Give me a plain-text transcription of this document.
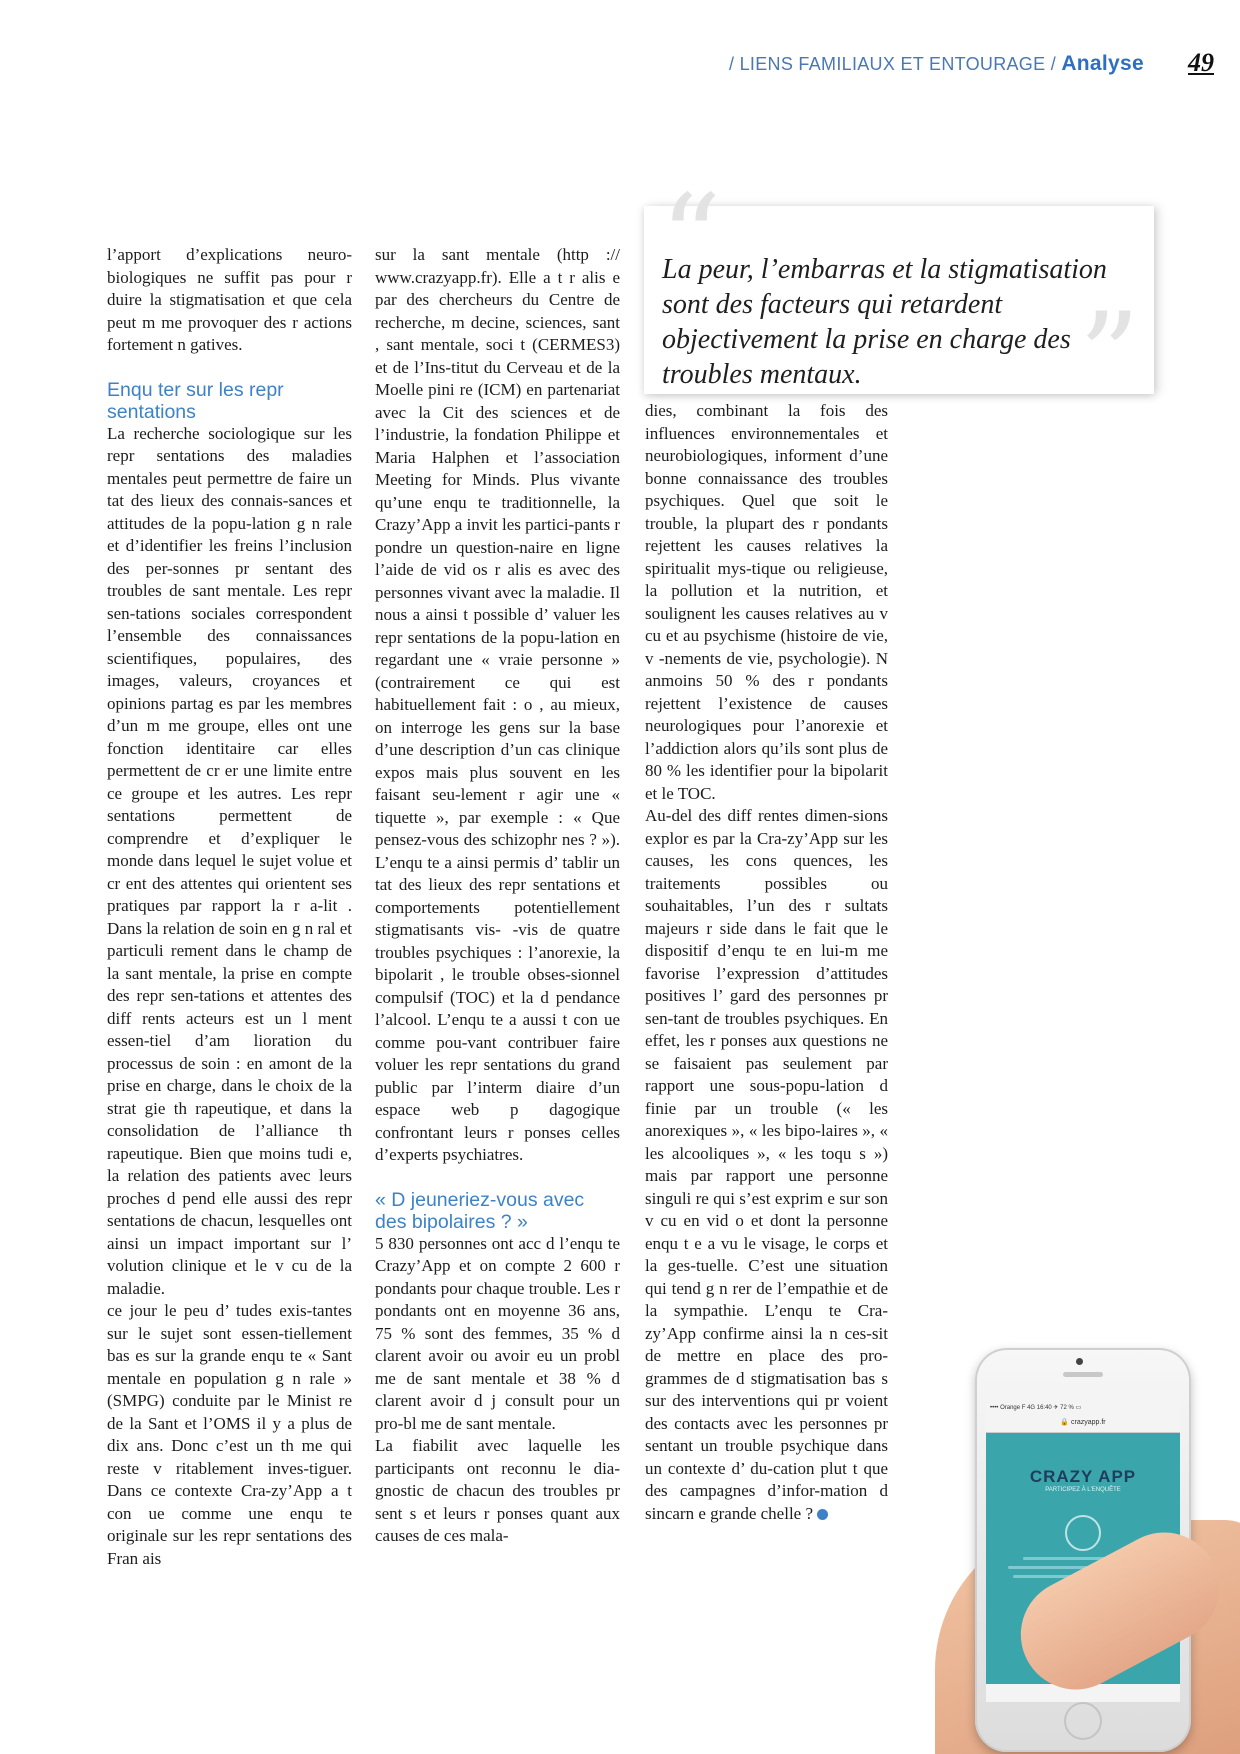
/ LIENS FAMILIAUX ET ENTOURAGE / Analyse 49

l’apport d’explications neuro-biologiques ne suffit pas pour r duire la stigmatisation et que cela peut m me provoquer des r actions fortement n gatives.

Enqu ter sur les repr sentations

La recherche sociologique sur les repr sentations des maladies mentales peut permettre de faire un tat des lieux des connais-sances et attitudes de la popu-lation g n rale et d’identifier les freins l’inclusion des per-sonnes pr sentant des troubles de sant mentale. Les repr sen-tations sociales correspondent l’ensemble des connaissances scientifiques, populaires, des images, valeurs, croyances et opinions partag es par les membres d’un m me groupe, elles ont une fonction identitaire car elles permettent de cr er une limite entre ce groupe et les autres. Les repr sentations permettent de comprendre et d’expliquer le monde dans lequel le sujet volue et cr ent des attentes qui orientent ses pratiques par rapport la r a-lit . Dans la relation de soin en g n ral et particuli rement dans le champ de la sant mentale, la prise en compte des repr sen-tations et attentes des diff rents acteurs est un l ment essen-tiel d’am lioration du processus de soin : en amont de la prise en charge, dans le choix de la strat gie th rapeutique, et dans la consolidation de l’alliance th rapeutique. Bien que moins tudi e, la relation des patients avec leurs proches d pend elle aussi des repr sentations de chacun, lesquelles ont ainsi un impact important sur l’ volution clinique et le v cu de la maladie.

ce jour le peu d’ tudes exis-tantes sur le sujet sont essen-tiellement bas es sur la grande enqu te « Sant mentale en population g n rale » (SMPG) conduite par le Minist re de la Sant et l’OMS il y a plus de dix ans. Donc c’est un th me qui reste v ritablement inves-tiguer. Dans ce contexte Cra-zy’App a t con ue comme une enqu te originale sur les repr sentations des Fran ais

sur la sant mentale (http :// www.crazyapp.fr). Elle a t r alis e par des chercheurs du Centre de recherche, m decine, sciences, sant , sant mentale, soci t (CERMES3) et de l’Ins-titut du Cerveau et de la Moelle pini re (ICM) en partenariat avec la Cit des sciences et de l’industrie, la fondation Philippe et Maria Halphen et l’association Meeting for Minds. Plus vivante qu’une enqu te traditionnelle, la Crazy’App a invit les partici-pants r pondre un question-naire en ligne l’aide de vid os r alis es avec des personnes vivant avec la maladie. Il nous a ainsi t possible d’ valuer les repr sentations de la popu-lation en regardant une « vraie personne » (contrairement ce qui est habituellement fait : o , au mieux, on interroge les gens sur la base d’une description d’un cas clinique expos mais plus souvent en les faisant seu-lement r agir une « tiquette », par exemple : « Que pensez-vous des schizophr nes ? »). L’enqu te a ainsi permis d’ tablir un tat des lieux des repr sentations et comportements potentiellement stigmatisants vis- -vis de quatre troubles psychiques : l’anorexie, la bipolarit , le trouble obses-sionnel compulsif (TOC) et la d pendance l’alcool. L’enqu te a aussi t con ue comme pou-vant contribuer faire voluer les repr sentations du grand public par l’interm diaire d’un espace web p dagogique confrontant leurs r ponses celles d’experts psychiatres.

« D jeuneriez-vous avec des bipolaires ? »

5 830 personnes ont acc d l’enqu te Crazy’App et on compte 2 600 r pondants pour chaque trouble. Les r pondants ont en moyenne 36 ans, 75 % sont des femmes, 35 % d clarent avoir ou avoir eu un probl me de sant mentale et 38 % d clarent avoir d j consult pour un pro-bl me de sant mentale.

La fiabilit avec laquelle les participants ont reconnu le dia-gnostic de chacun des troubles pr sent s et leurs r ponses quant aux causes de ces mala-

“
La peur, l’embarras et la stigmatisation sont des facteurs qui retardent objectivement la prise en charge des troubles mentaux.	”

dies, combinant la fois des influences environnementales et neurobiologiques, informent d’une bonne connaissance des troubles psychiques. Quel que soit le trouble, la plupart des r pondants rejettent les causes relatives la spiritualit mys-tique ou religieuse, la pollution et la nutrition, et soulignent les causes relatives au v cu et au psychisme (histoire de vie, v -nements de vie, psychologie). N anmoins 50 % des r pondants rejettent l’existence de causes neurologiques pour l’anorexie et l’addiction alors qu’ils sont plus de 80 % les identifier pour la bipolarit et le TOC.

Au-del des diff rentes dimen-sions explor es par la Cra-zy’App sur les causes, les cons quences, les traitements possibles ou souhaitables, l’un des r sultats majeurs r side dans le fait que le dispositif d’enqu te en lui-m me favorise l’expression d’attitudes positives l’ gard des personnes pr sen-tant de troubles psychiques. En effet, les r ponses aux questions ne se faisaient pas seulement par rapport une sous-popu-lation d finie par un trouble (« les anorexiques », « les bipo-laires », « les alcooliques », « les toqu s ») mais par rapport une personne singuli re qui s’est exprim e sur son v cu en vid o et dont la personne enqu t e a vu le visage, le corps et la ges-tuelle. C’est une situation qui tend g n rer de l’empathie et de la sympathie. L’enqu te Cra-zy’App confirme ainsi la n ces-sit de mettre en place des pro-grammes de d stigmatisation bas s sur des interventions qui pr voient des contacts avec les personnes pr sentant un trouble psychique dans un contexte d’ du-cation plut t que des campagnes d’infor-mation d sincarn e grande chelle ?

•••• Orange F 4G 16:40 ✈ 72 % ▭
🔒 crazyapp.fr
CRAZY APP
PARTICIPEZ À L'ENQUÊTE
